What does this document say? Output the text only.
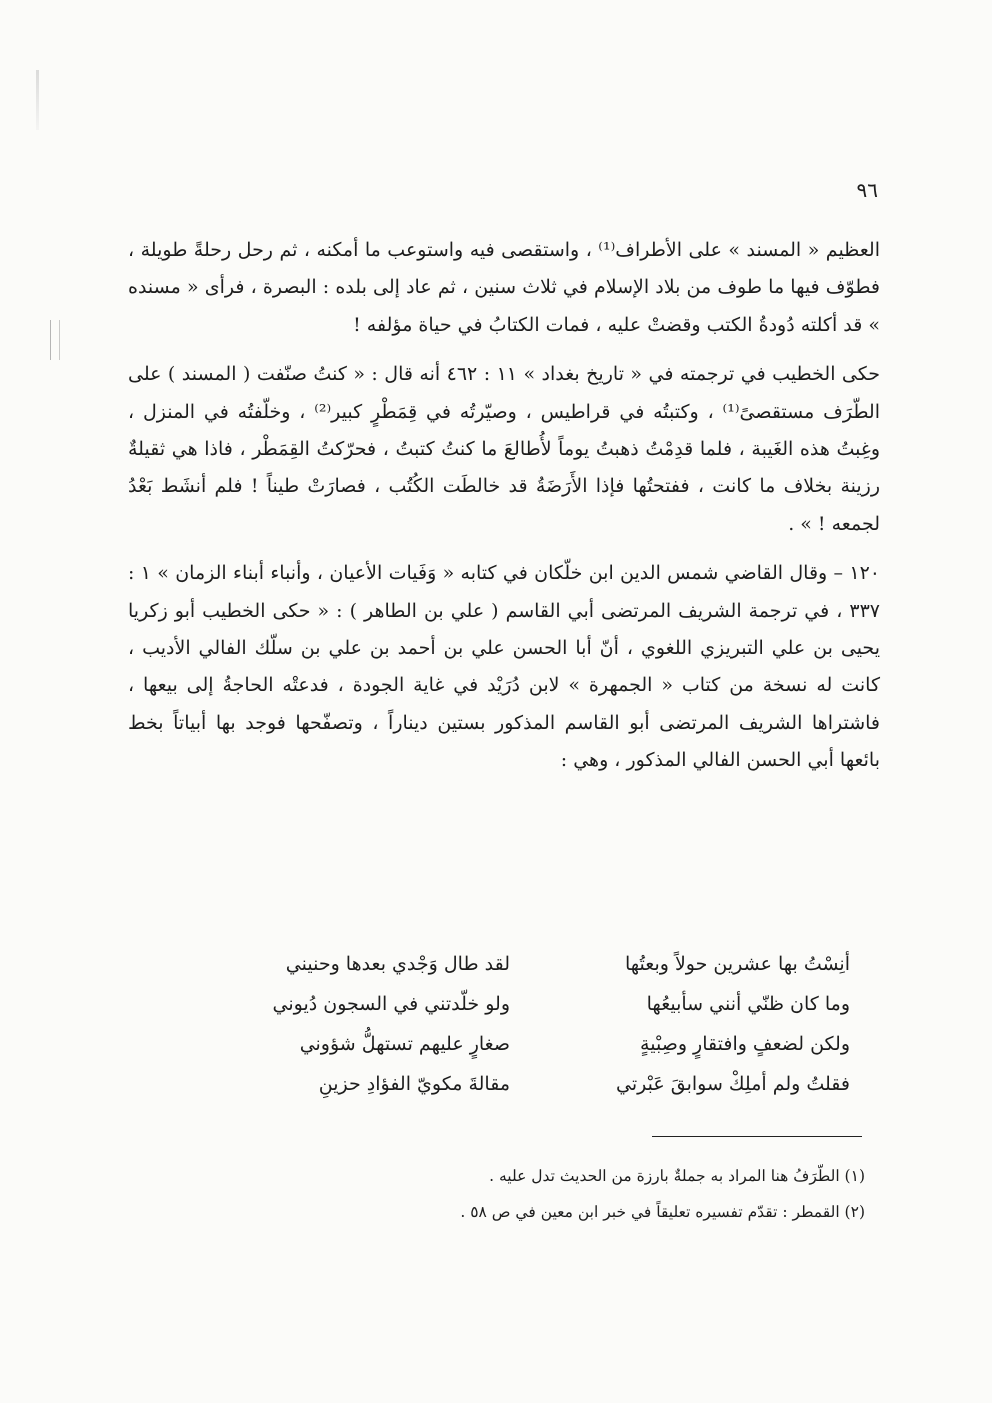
٩٦

العظيم « المسند » على الأطراف⁽¹⁾ ، واستقصى فيه واستوعب ما أمكنه ، ثم رحل رحلةً طويلة ، فطوّف فيها ما طوف من بلاد الإسلام في ثلاث سنين ، ثم عاد إلى بلده : البصرة ، فرأى « مسنده » قد أكلته دُودةُ الكتب وقضتْ عليه ، فمات الكتابُ في حياة مؤلفه !

حكى الخطيب في ترجمته في « تاريخ بغداد » ١١ : ٤٦٢ أنه قال : « كنتُ صنّفت ( المسند ) على الطّرَف مستقصىً⁽¹⁾ ، وكتبتُه في قراطيس ، وصيّرتُه في قِمَطْرٍ كبير⁽²⁾ ، وخلّفتُه في المنزل ، وغِبتُ هذه الغَيبة ، فلما قدِمْتُ ذهبتُ يوماً لأُطالعَ ما كنتُ كتبتُ ، فحرّكتُ القِمَطْر ، فاذا هي ثقيلةٌ رزينة بخلاف ما كانت ، ففتحتُها فإذا الأَرَضَةُ قد خالطَت الكُتُب ، فصارَتْ طيناً ! فلم أنشَط بَعْدُ لجمعه ! » .

١٢٠ – وقال القاضي شمس الدين ابن خلّكان في كتابه « وَفَيات الأعيان ، وأنباء أبناء الزمان » ١ : ٣٣٧ ، في ترجمة الشريف المرتضى أبي القاسم ( علي بن الطاهر ) : « حكى الخطيب أبو زكريا يحيى بن علي التبريزي اللغوي ، أنّ أبا الحسن علي بن أحمد بن علي بن سلّك الفالي الأديب ، كانت له نسخة من كتاب « الجمهرة » لابن دُرَيْد في غاية الجودة ، فدعتْه الحاجةُ إلى بيعها ، فاشتراها الشريف المرتضى أبو القاسم المذكور بستين ديناراً ، وتصفّحها فوجد بها أبياتاً بخط بائعها أبي الحسن الفالي المذكور ، وهي :

أنِسْتُ بها عشرين حولاً وبعتُها
لقد طال وَجْدي بعدها وحنيني
وما كان ظنّي أنني سأبيعُها
ولو خلّدتني في السجون دُيوني
ولكن لضعفٍ وافتقارٍ وصِبْيةٍ
صغارٍ عليهم تستهلُّ شؤوني
فقلتُ ولم أملِكْ سوابقَ عَبْرتي
مقالةَ مكويّ الفؤادِ حزينِ
(١) الطّرَفُ هنا المراد به جملةٌ بارزة من الحديث تدل عليه .
(٢) القمطر : تقدّم تفسيره تعليقاً في خبر ابن معين في ص ٥٨ .
